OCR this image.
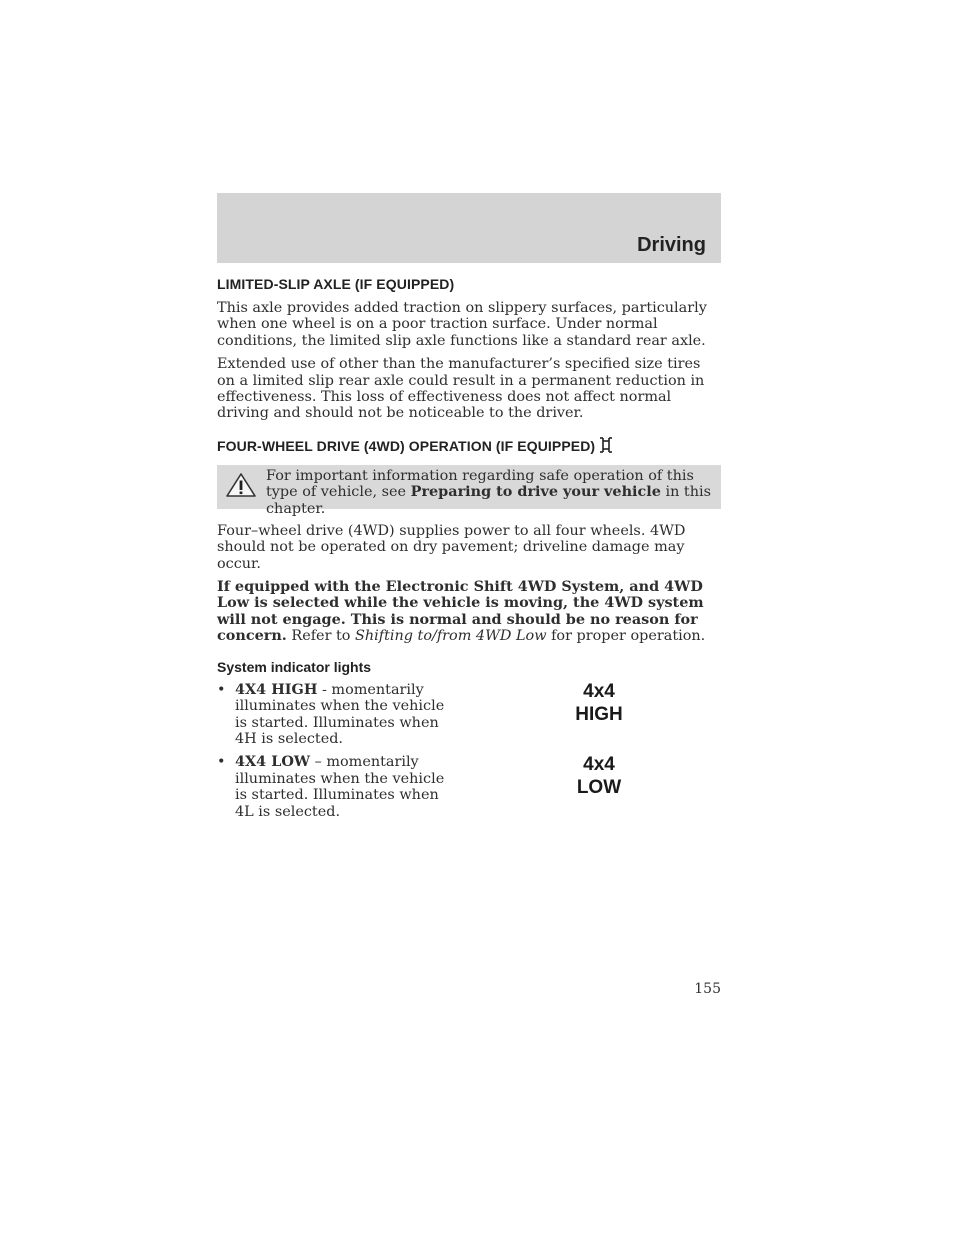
Driving
LIMITED-SLIP AXLE (IF EQUIPPED)

This axle provides added traction on slippery surfaces, particularly when one wheel is on a poor traction surface. Under normal conditions, the limited slip axle functions like a standard rear axle.

Extended use of other than the manufacturer’s specified size tires on a limited slip rear axle could result in a permanent reduction in effectiveness. This loss of effectiveness does not affect normal driving and should not be noticeable to the driver.

FOUR-WHEEL DRIVE (4WD) OPERATION (IF EQUIPPED)
For important information regarding safe operation of this type of vehicle, see Preparing to drive your vehicle in this chapter.

Four–wheel drive (4WD) supplies power to all four wheels. 4WD should not be operated on dry pavement; driveline damage may occur.

If equipped with the Electronic Shift 4WD System, and 4WD Low is selected while the vehicle is moving, the 4WD system will not engage. This is normal and should be no reason for concern. Refer to Shifting to/from 4WD Low for proper operation.

System indicator lights
• 4X4 HIGH - momentarily illuminates when the vehicle is started. Illuminates when 4H is selected.
• 4X4 LOW – momentarily illuminates when the vehicle is started. Illuminates when 4L is selected.
4x4
HIGH
4x4
LOW
155
